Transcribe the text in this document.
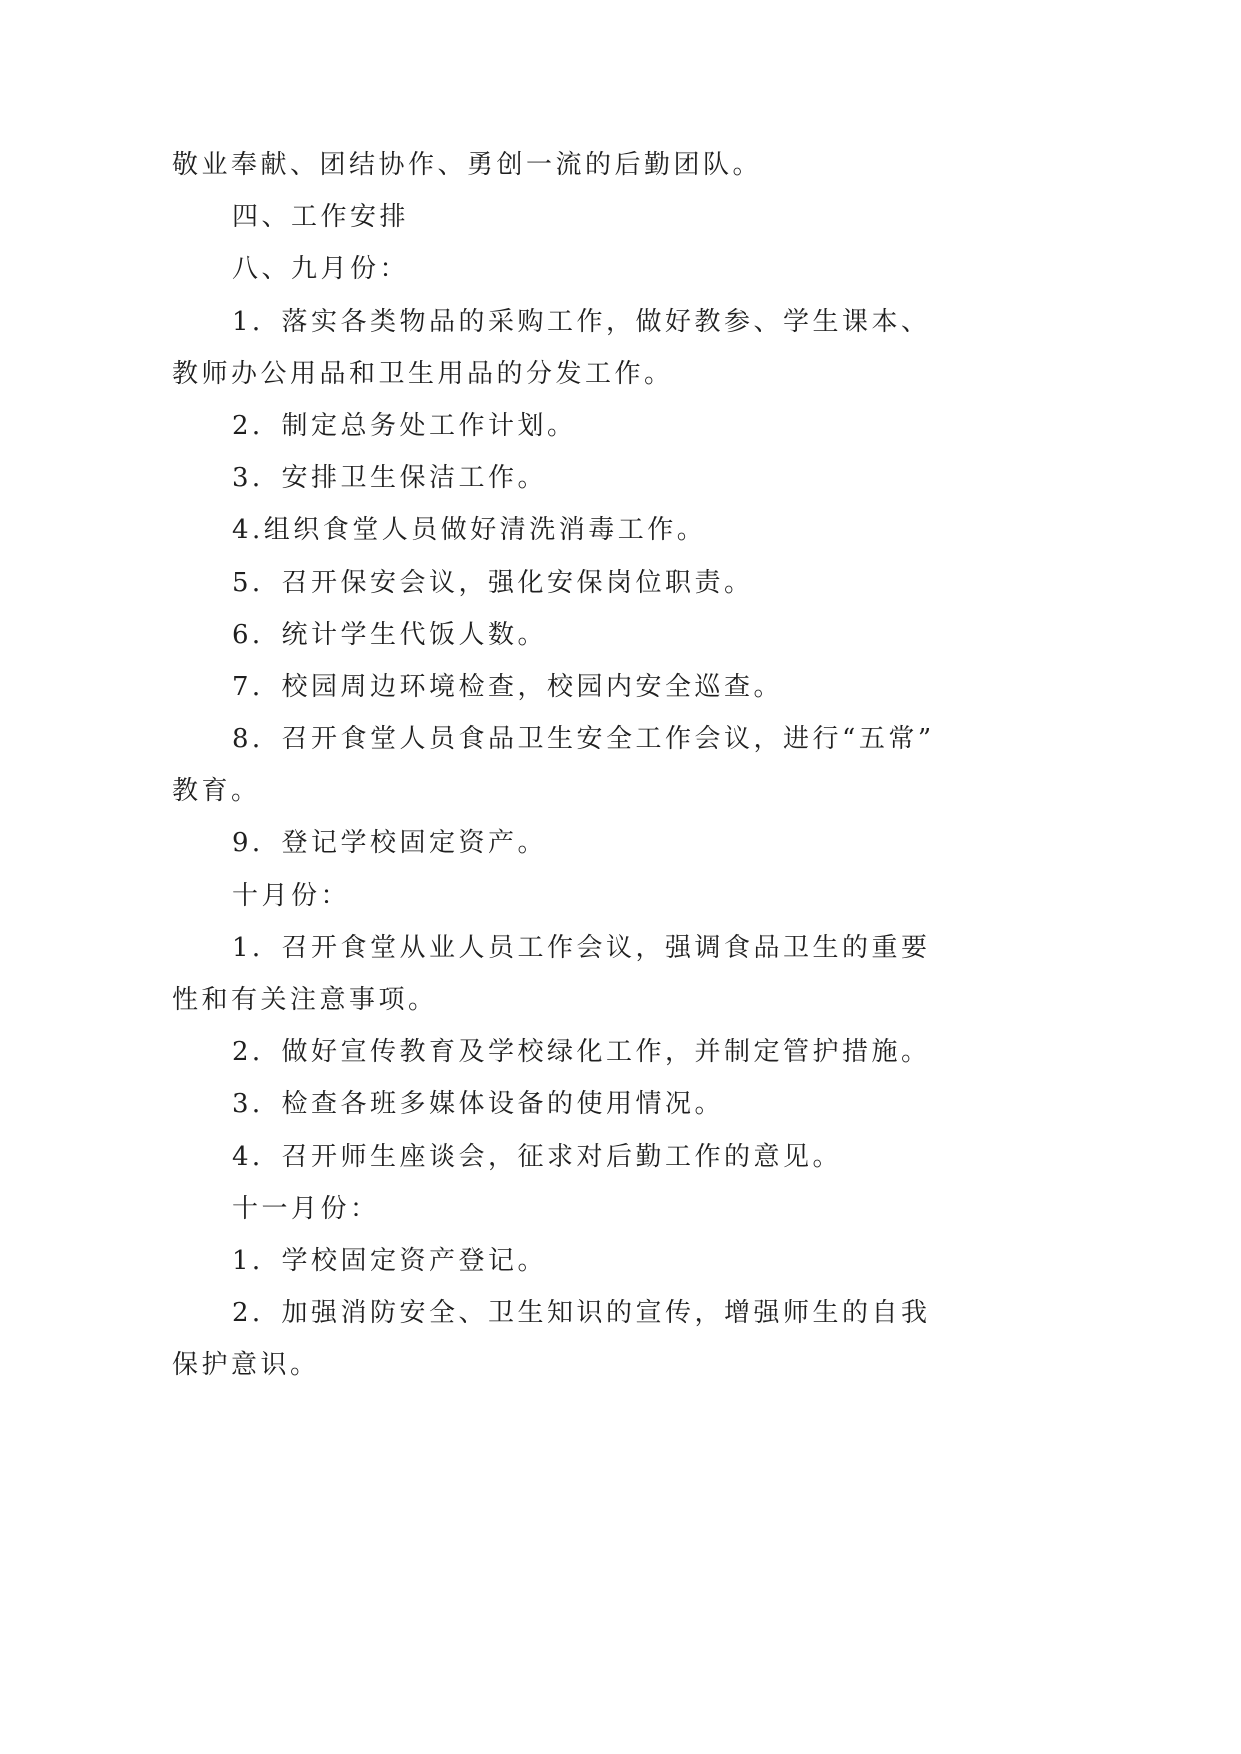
敬业奉献、团结协作、勇创一流的后勤团队。
四、工作安排
八、九月份：
1．落实各类物品的采购工作，做好教参、学生课本、
教师办公用品和卫生用品的分发工作。
2．制定总务处工作计划。
3．安排卫生保洁工作。
4.组织食堂人员做好清洗消毒工作。
5．召开保安会议，强化安保岗位职责。
6．统计学生代饭人数。
7．校园周边环境检查，校园内安全巡查。
8．召开食堂人员食品卫生安全工作会议，进行“五常”
教育。
9．登记学校固定资产。
十月份：
1．召开食堂从业人员工作会议，强调食品卫生的重要
性和有关注意事项。
2．做好宣传教育及学校绿化工作，并制定管护措施。
3．检查各班多媒体设备的使用情况。
4．召开师生座谈会，征求对后勤工作的意见。
十一月份：
1．学校固定资产登记。
2．加强消防安全、卫生知识的宣传，增强师生的自我
保护意识。
